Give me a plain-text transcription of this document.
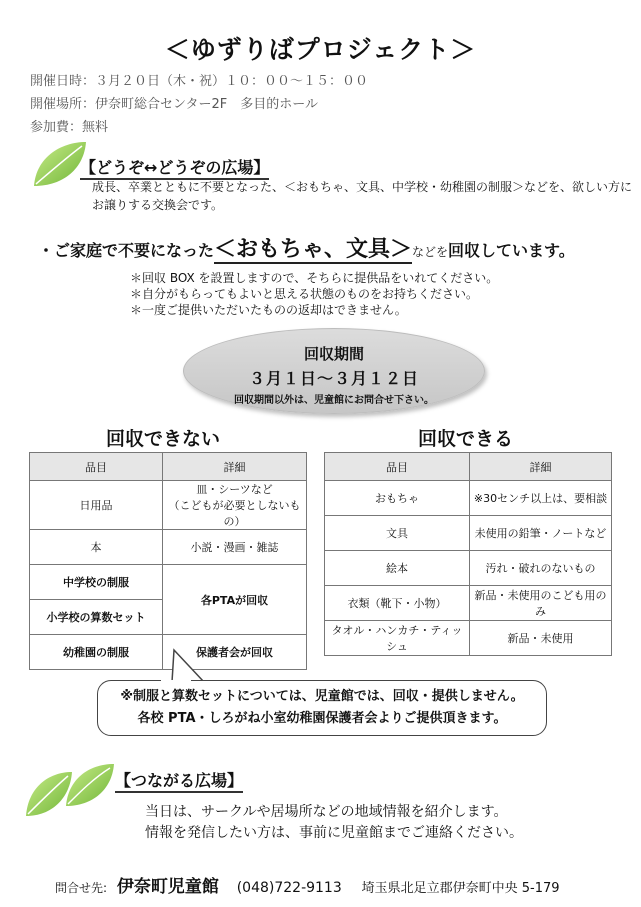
＜ゆずりばプロジェクト＞
開催日時：３月２０日（木・祝）１０：００～１５：００
開催場所：伊奈町総合センター2F　多目的ホール
参加費：無料
【どうぞ↔どうぞの広場】
成長、卒業とともに不要となった、＜おもちゃ、文具、中学校・幼稚園の制服＞などを、欲しい方に
お譲りする交換会です。
・ご家庭で不要になった＜おもちゃ、文具＞などを回収しています。
＊回収 BOX を設置しますので、そちらに提供品をいれてください。
＊自分がもらってもよいと思える状態のものをお持ちください。
＊一度ご提供いただいたものの返却はできません。
回収期間
３月１日～３月１２日
回収期間以外は、児童館にお問合せ下さい。
回収できない	回収できる
品目	詳細
日用品	皿・シーツなど
（こどもが必要としないもの）

本	小説・漫画・雑誌
中学校の制服	各PTAが回収
小学校の算数セット	
幼稚園の制服	保護者会が回収
品目	詳細
おもちゃ	※30センチ以上は、要相談
文具	未使用の鉛筆・ノートなど
絵本	汚れ・破れのないもの
衣類（靴下・小物）	新品・未使用のこども用のみ
タオル・ハンカチ・ティッシュ	新品・未使用
※制服と算数セットについては、児童館では、回収・提供しません。
各校 PTA・しろがね小室幼稚園保護者会よりご提供頂きます。
【つながる広場】
当日は、サークルや居場所などの地域情報を紹介します。
情報を発信したい方は、事前に児童館までご連絡ください。
問合せ先: 伊奈町児童館 (048)722-9113 埼玉県北足立郡伊奈町中央 5-179
